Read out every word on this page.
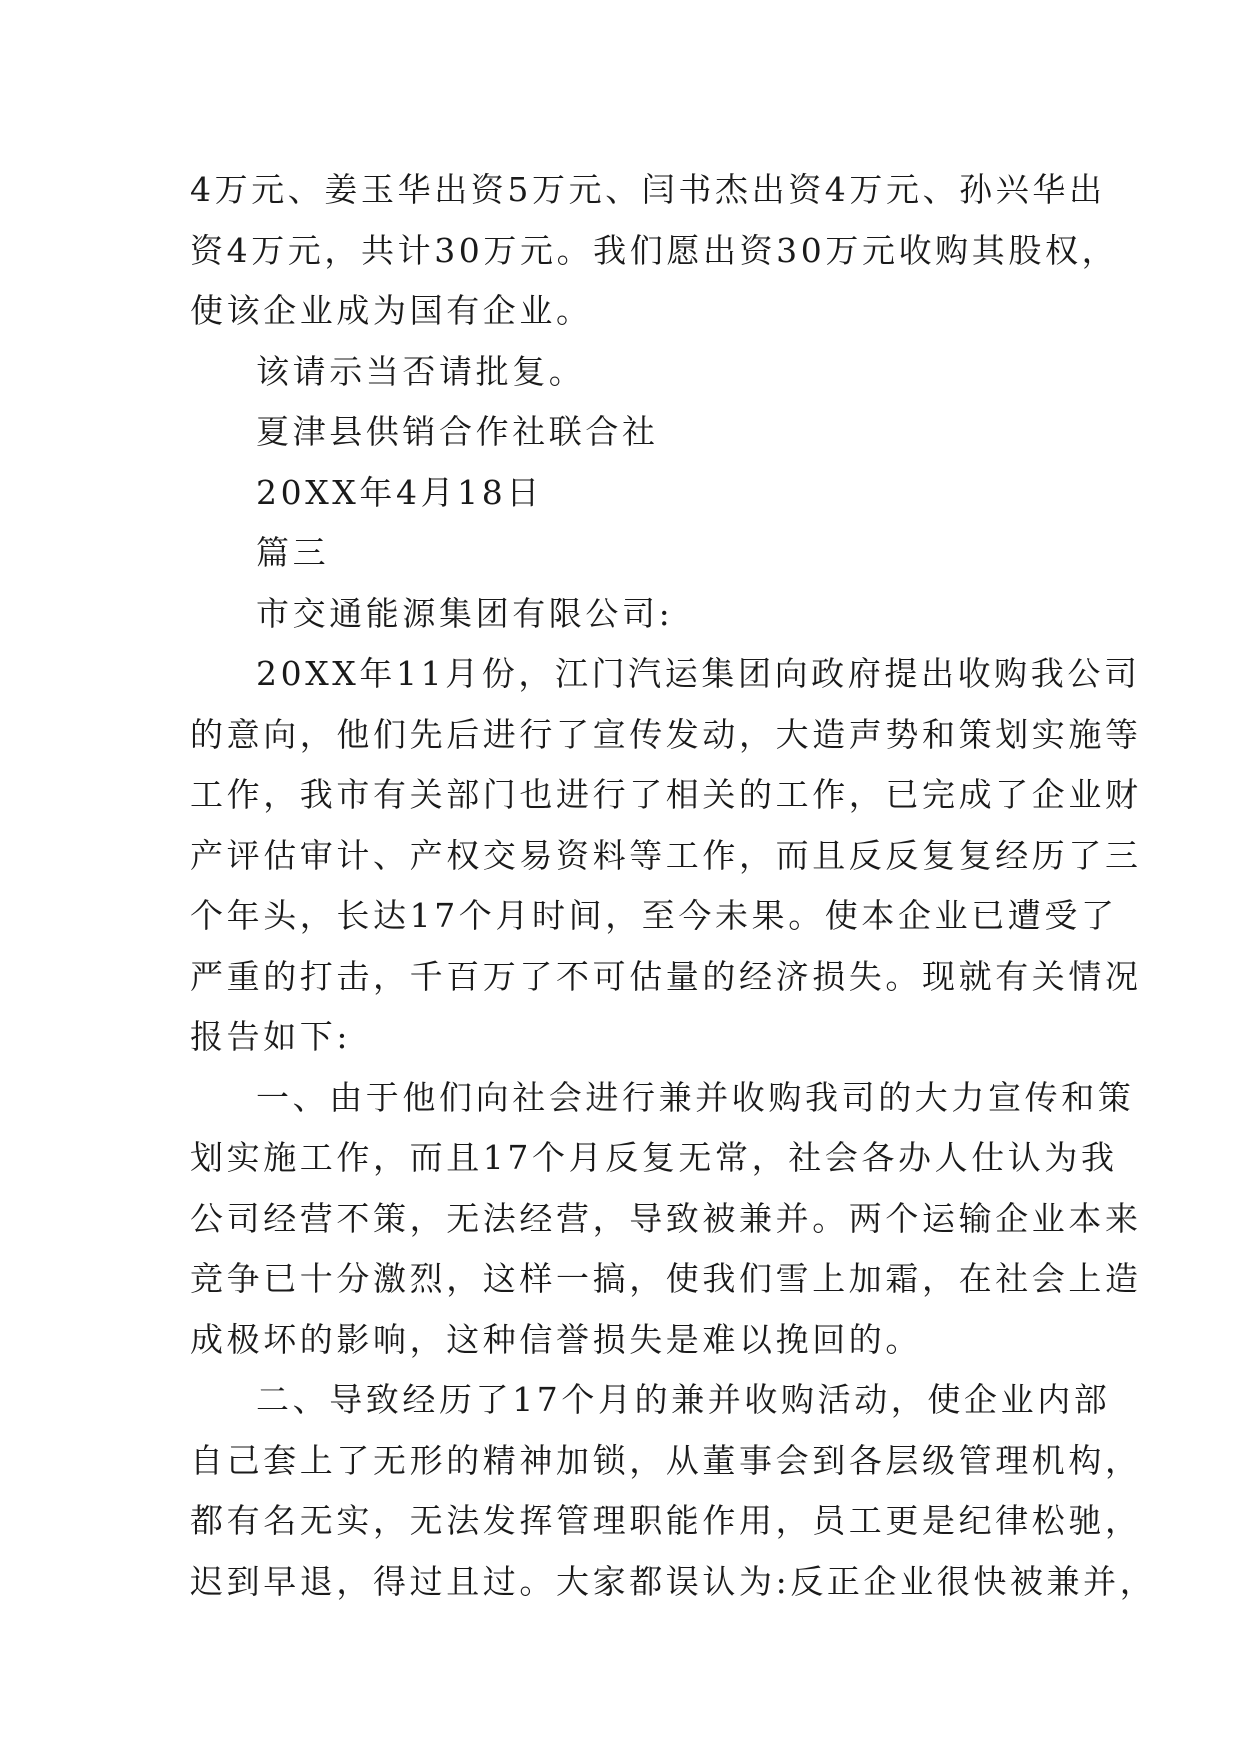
4万元、姜玉华出资5万元、闫书杰出资4万元、孙兴华出
资4万元，共计30万元。我们愿出资30万元收购其股权，
使该企业成为国有企业。
该请示当否请批复。
夏津县供销合作社联合社
20XX年4月18日
篇三
市交通能源集团有限公司:
20XX年11月份，江门汽运集团向政府提出收购我公司
的意向，他们先后进行了宣传发动，大造声势和策划实施等
工作，我市有关部门也进行了相关的工作，已完成了企业财
产评估审计、产权交易资料等工作，而且反反复复经历了三
个年头，长达17个月时间，至今未果。使本企业已遭受了
严重的打击，千百万了不可估量的经济损失。现就有关情况
报告如下:
一、由于他们向社会进行兼并收购我司的大力宣传和策
划实施工作，而且17个月反复无常，社会各办人仕认为我
公司经营不策，无法经营，导致被兼并。两个运输企业本来
竞争已十分激烈，这样一搞，使我们雪上加霜，在社会上造
成极坏的影响，这种信誉损失是难以挽回的。
二、导致经历了17个月的兼并收购活动，使企业内部
自己套上了无形的精神加锁，从董事会到各层级管理机构，
都有名无实，无法发挥管理职能作用，员工更是纪律松驰，
迟到早退，得过且过。大家都误认为:反正企业很快被兼并，
